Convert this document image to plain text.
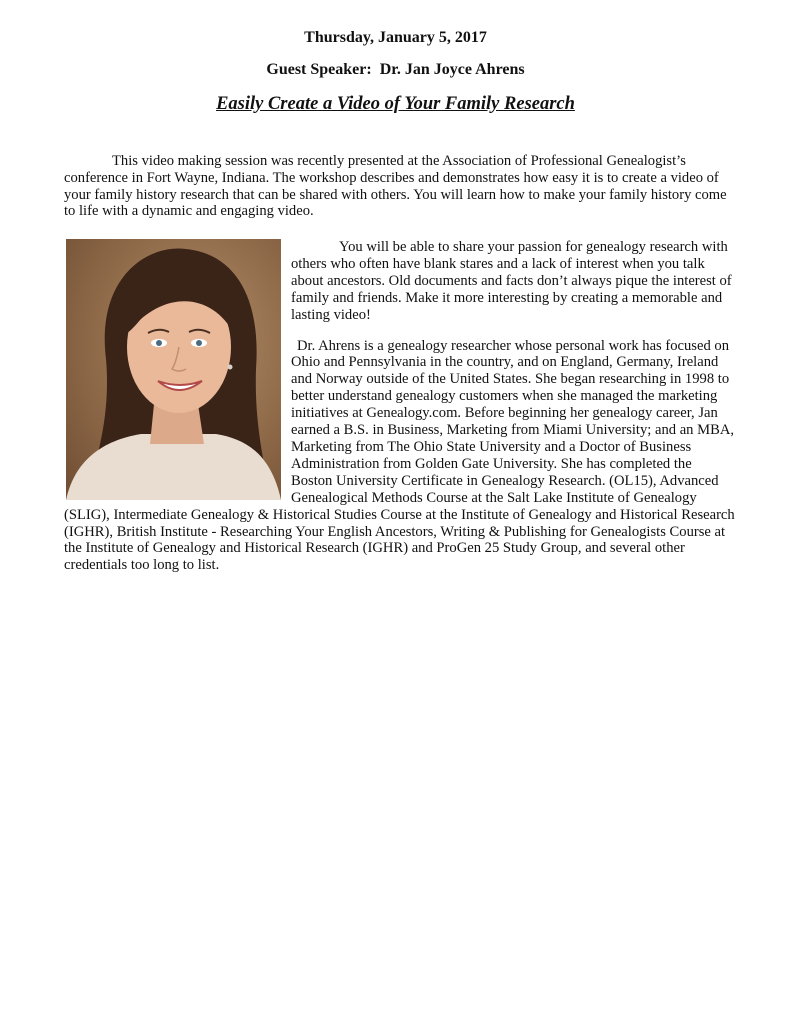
Thursday, January 5, 2017
Guest Speaker:  Dr. Jan Joyce Ahrens
Easily Create a Video of Your Family Research

This video making session was recently presented at the Association of Professional Genealogist’s conference in Fort Wayne, Indiana. The workshop describes and demonstrates how easy it is to create a video of your family history research that can be shared with others. You will learn how to make your family history come to life with a dynamic and engaging video.

You will be able to share your passion for genealogy research with others who often have blank stares and a lack of interest when you talk about ancestors. Old documents and facts don’t always pique the interest of family and friends. Make it more interesting by creating a memorable and lasting video!

Dr. Ahrens is a genealogy researcher whose personal work has focused on Ohio and Pennsylvania in the country, and on England, Germany, Ireland and Norway outside of the United States. She began researching in 1998 to better understand genealogy customers when she managed the marketing initiatives at Genealogy.com. Before beginning her genealogy career, Jan earned a B.S. in Business, Marketing from Miami University; and an MBA, Marketing from The Ohio State University and a Doctor of Business Administration from Golden Gate University. She has completed the Boston University Certificate in Genealogy Research. (OL15), Advanced Genealogical Methods Course at the Salt Lake Institute of Genealogy (SLIG), Intermediate Genealogy & Historical Studies Course at the Institute of Genealogy and Historical Research (IGHR), British Institute - Researching Your English Ancestors, Writing & Publishing for Genealogists Course at the Institute of Genealogy and Historical Research (IGHR) and ProGen 25 Study Group, and several other credentials too long to list.
